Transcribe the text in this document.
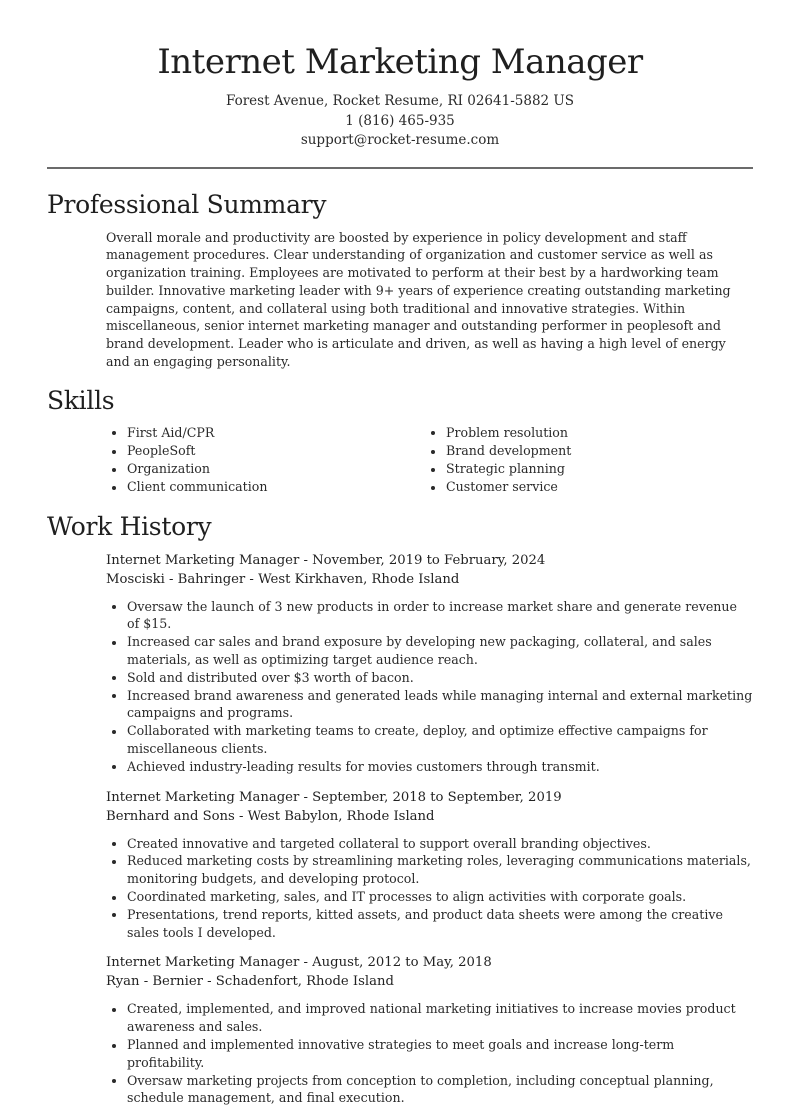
Internet Marketing Manager
Forest Avenue, Rocket Resume, RI 02641-5882 US
1 (816) 465-935
support@rocket-resume.com
Professional Summary

Overall morale and productivity are boosted by experience in policy development and staff management procedures. Clear understanding of organization and customer service as well as organization training. Employees are motivated to perform at their best by a hardworking team builder. Innovative marketing leader with 9+ years of experience creating outstanding marketing campaigns, content, and collateral using both traditional and innovative strategies. Within miscellaneous, senior internet marketing manager and outstanding performer in peoplesoft and brand development. Leader who is articulate and driven, as well as having a high level of energy and an engaging personality.

Skills
First Aid/CPR
PeopleSoft
Organization
Client communication
Problem resolution
Brand development
Strategic planning
Customer service
Work History
Internet Marketing Manager - November, 2019 to February, 2024
Mosciski - Bahringer - West Kirkhaven, Rhode Island
Oversaw the launch of 3 new products in order to increase market share and generate revenue of $15.
Increased car sales and brand exposure by developing new packaging, collateral, and sales materials, as well as optimizing target audience reach.
Sold and distributed over $3 worth of bacon.
Increased brand awareness and generated leads while managing internal and external marketing campaigns and programs.
Collaborated with marketing teams to create, deploy, and optimize effective campaigns for miscellaneous clients.
Achieved industry-leading results for movies customers through transmit.
Internet Marketing Manager - September, 2018 to September, 2019
Bernhard and Sons - West Babylon, Rhode Island
Created innovative and targeted collateral to support overall branding objectives.
Reduced marketing costs by streamlining marketing roles, leveraging communications materials, monitoring budgets, and developing protocol.
Coordinated marketing, sales, and IT processes to align activities with corporate goals.
Presentations, trend reports, kitted assets, and product data sheets were among the creative sales tools I developed.
Internet Marketing Manager - August, 2012 to May, 2018
Ryan - Bernier - Schadenfort, Rhode Island
Created, implemented, and improved national marketing initiatives to increase movies product awareness and sales.
Planned and implemented innovative strategies to meet goals and increase long-term profitability.
Oversaw marketing projects from conception to completion, including conceptual planning, schedule management, and final execution.
